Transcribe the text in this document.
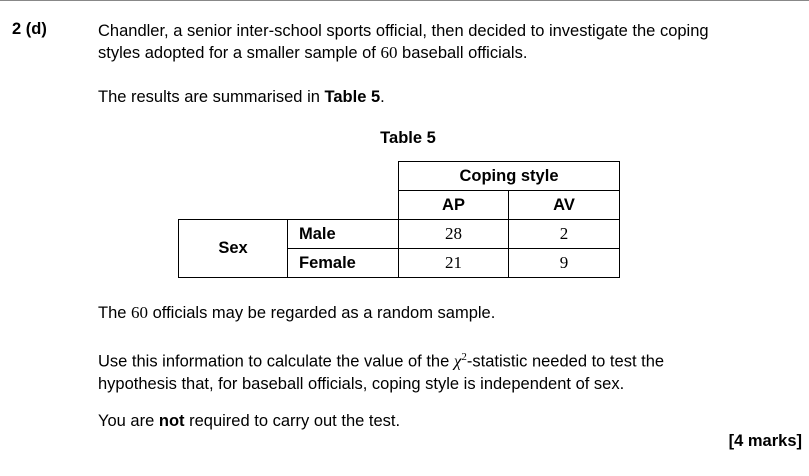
2 (d)	Chandler, a senior inter-school sports official, then decided to investigate the coping
styles adopted for a smaller sample of 60 baseball officials.
The results are summarised in Table 5.
Table 5
Coping style
AP	AV
Sex
Male	28	2
Female	21	9
The 60 officials may be regarded as a random sample.
Use this information to calculate the value of the $\chi^2$-statistic needed to test the
hypothesis that, for baseball officials, coping style is independent of sex.
You are not required to carry out the test.
[4 marks]
